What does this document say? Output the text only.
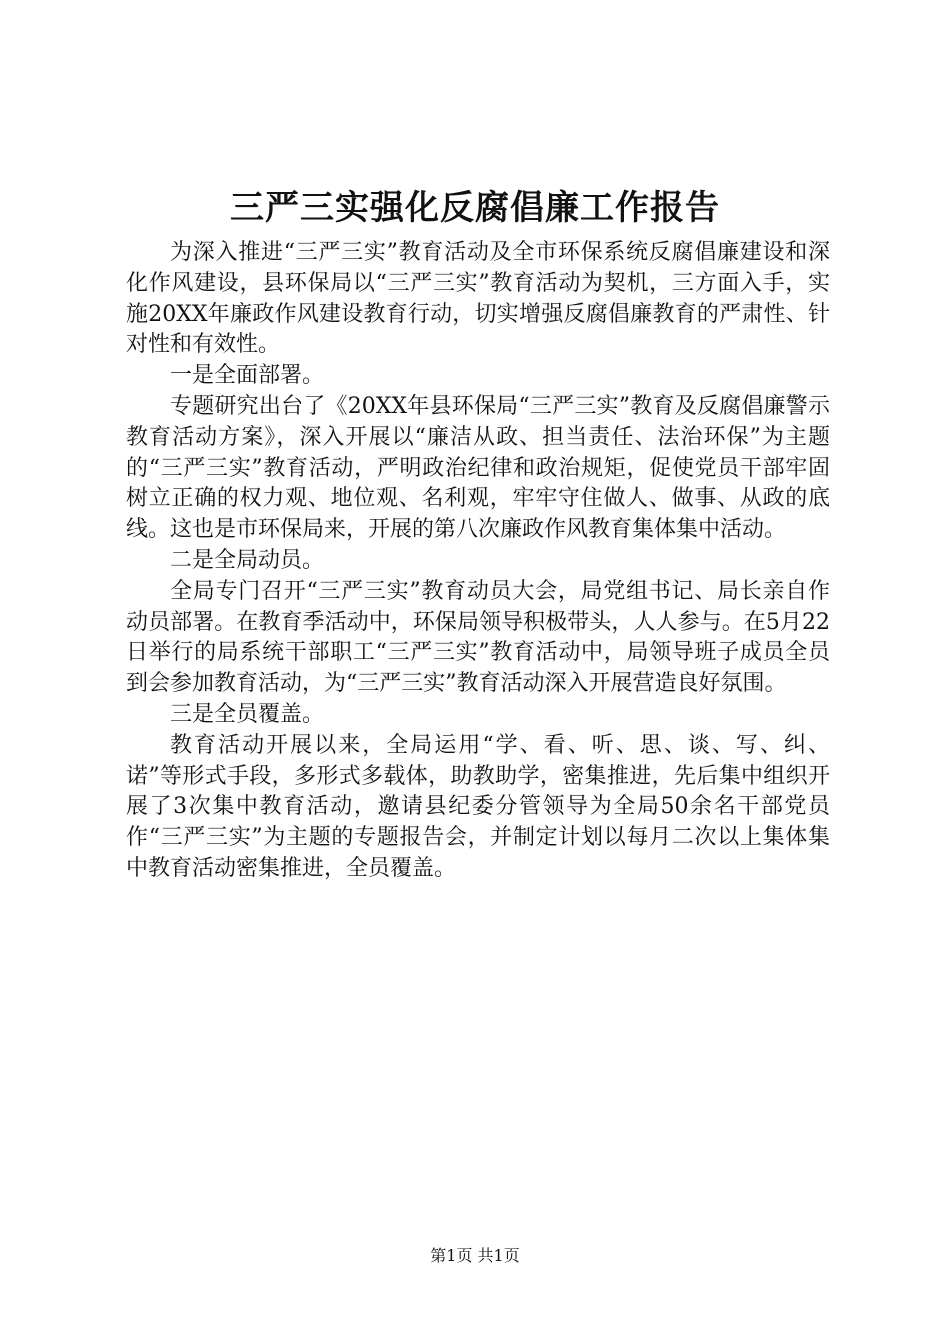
三严三实强化反腐倡廉工作报告

为深入推进“三严三实”教育活动及全市环保系统反腐倡廉建设和深化作风建设，县环保局以“三严三实”教育活动为契机，三方面入手，实施20XX年廉政作风建设教育行动，切实增强反腐倡廉教育的严肃性、针对性和有效性。

一是全面部署。

专题研究出台了《20XX年县环保局“三严三实”教育及反腐倡廉警示教育活动方案》，深入开展以“廉洁从政、担当责任、法治环保”为主题的“三严三实”教育活动，严明政治纪律和政治规矩，促使党员干部牢固树立正确的权力观、地位观、名利观，牢牢守住做人、做事、从政的底线。这也是市环保局来，开展的第八次廉政作风教育集体集中活动。

二是全局动员。

全局专门召开“三严三实”教育动员大会，局党组书记、局长亲自作动员部署。在教育季活动中，环保局领导积极带头，人人参与。在5月22日举行的局系统干部职工“三严三实”教育活动中，局领导班子成员全员到会参加教育活动，为“三严三实”教育活动深入开展营造良好氛围。

三是全员覆盖。

教育活动开展以来，全局运用“学、看、听、思、谈、写、纠、诺”等形式手段，多形式多载体，助教助学，密集推进，先后集中组织开展了3次集中教育活动，邀请县纪委分管领导为全局50余名干部党员作“三严三实”为主题的专题报告会，并制定计划以每月二次以上集体集中教育活动密集推进，全员覆盖。

第1页 共1页
